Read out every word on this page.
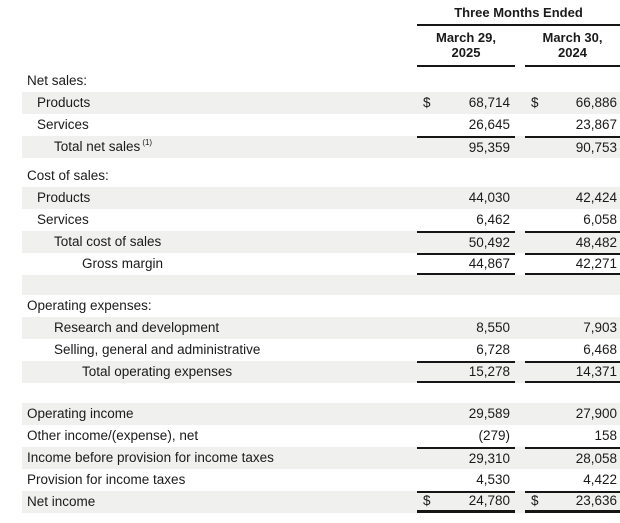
Three Months Ended
March 29,
2025
March 30,
2024
Net sales:
Products	$	68,714 $	66,886
Services	26,645	23,867
Total net sales $^{(1)}$	95,359	90,753
Cost of sales:
Products	44,030	42,424
Services	6,462	6,058
Total cost of sales	50,492	48,482
Gross margin	44,867	42,271
Operating expenses:
Research and development	8,550	7,903
Selling, general and administrative	6,728	6,468
Total operating expenses	15,278	14,371
Operating income	29,589	27,900
Other income/(expense), net	(279)	158
Income before provision for income taxes	29,310	28,058
Provision for income taxes	4,530	4,422
Net income	$	24,780 $	23,636
